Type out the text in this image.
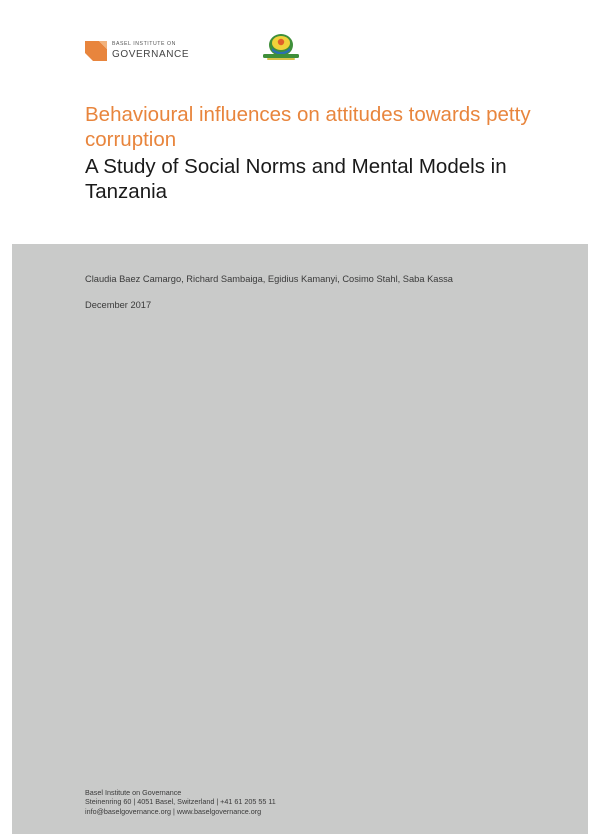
BASEL INSTITUTE ON
GOVERNANCE
Behavioural influences on attitudes towards petty corruption
A Study of Social Norms and Mental Models in Tanzania
Claudia Baez Camargo, Richard Sambaiga, Egidius Kamanyi, Cosimo Stahl, Saba Kassa
December 2017
Basel Institute on Governance
Steinenring 60 | 4051 Basel, Switzerland | +41 61 205 55 11
info@baselgovernance.org | www.baselgovernance.org
